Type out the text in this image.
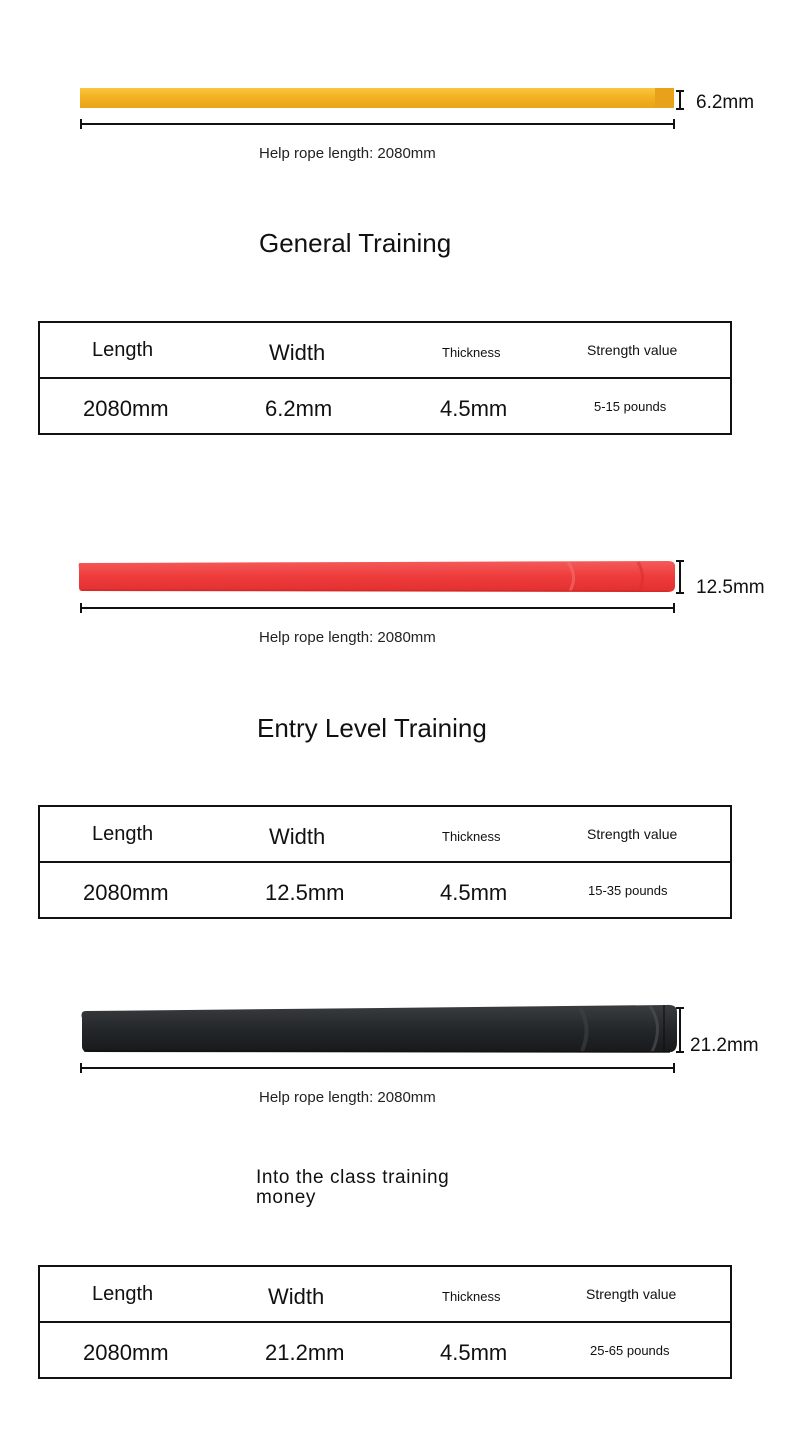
6.2mm
Help rope length: 2080mm
General Training
Length	Width	Thickness	Strength value
2080mm	6.2mm	4.5mm	5-15 pounds
12.5mm
Help rope length: 2080mm
Entry Level Training
Length	Width	Thickness	Strength value
2080mm	12.5mm	4.5mm	15-35 pounds
21.2mm
Help rope length: 2080mm
Into the class training money
Length	Width	Thickness	Strength value
2080mm	21.2mm	4.5mm	25-65 pounds
